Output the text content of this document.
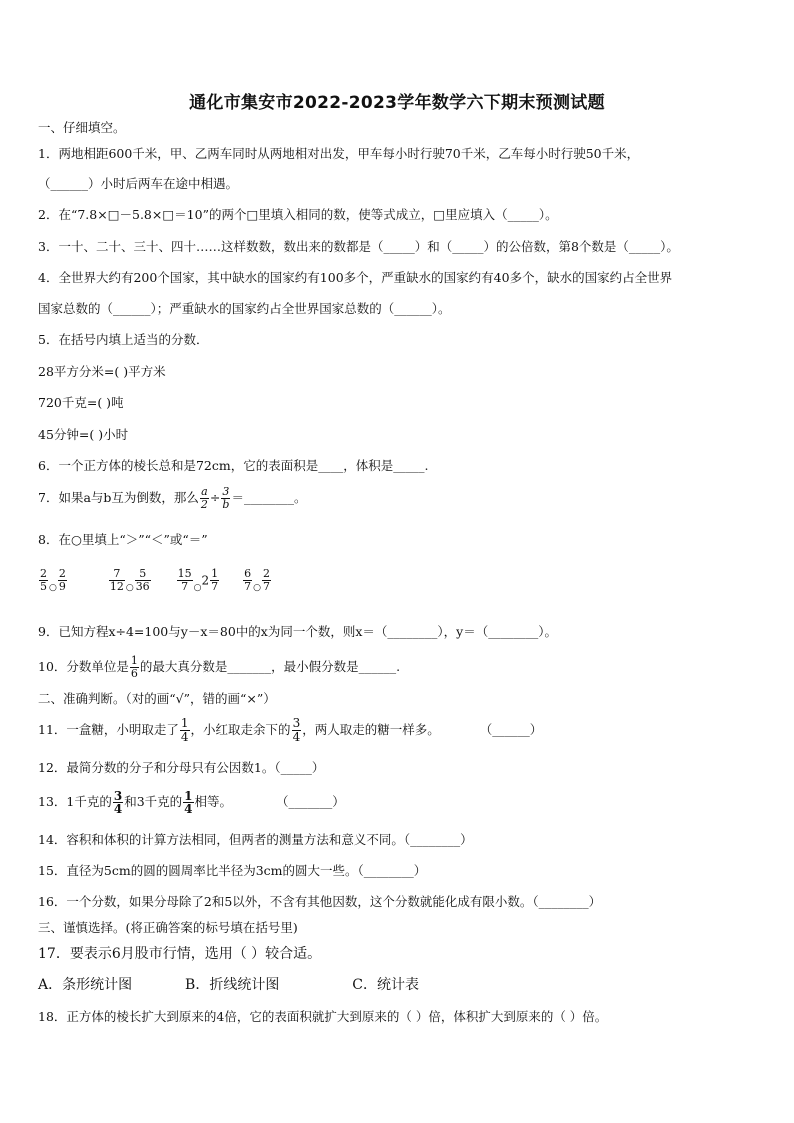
通化市集安市2022-2023学年数学六下期末预测试题
一、仔细填空。
1．两地相距600千米，甲、乙两车同时从两地相对出发，甲车每小时行驶70千米，乙车每小时行驶50千米，
（______）小时后两车在途中相遇。
2．在“7.8×□－5.8×□＝10”的两个□里填入相同的数，使等式成立，□里应填入（_____）。
3．一十、二十、三十、四十……这样数数，数出来的数都是（_____）和（_____）的公倍数，第8个数是（_____）。
4．全世界大约有200个国家，其中缺水的国家约有100多个，严重缺水的国家约有40多个，缺水的国家约占全世界
国家总数的（______）；严重缺水的国家约占全世界国家总数的（______）。
5．在括号内填上适当的分数．
28平方分米=( )平方米
720千克=( )吨
45分钟=( )小时
6．一个正方体的棱长总和是72cm，它的表面积是____，体积是_____.
7．如果a与b互为倒数，那么 $\frac{a}{2} \div \frac{3}{b}$ ＝________。
8．在○里填上“＞”“＜”或“＝”
$\frac{2}{5}$ ○ $\frac{2}{9}$
	$\frac{7}{12}$ ○ $\frac{5}{36}$
$\frac{15}{7}$ ○2 $\frac{1}{7}$
$\frac{6}{7}$ ○ $\frac{2}{7}$
9．已知方程x÷4=100与y－x＝80中的x为同一个数，则x＝（________），y＝（________）。
10．分数单位是 $\frac{1}{6}$ 的最大真分数是_______，最小假分数是______.
二、准确判断。（对的画“√”，错的画“×”）
11．一盒糖，小明取走了 $\frac{1}{4}$ ，小红取走余下的 $\frac{3}{4}$ ，两人取走的糖一样多。	（______）
12．最简分数的分子和分母只有公因数1。（_____）
13．1千克的 $\frac{3}{4}$ 和3千克的 $\frac{1}{4}$ 相等。	（_______）
14．容积和体积的计算方法相同，但两者的测量方法和意义不同。（________）
15．直径为5cm的圆的圆周率比半径为3cm的圆大一些。（________）
16．一个分数，如果分母除了2和5以外，不含有其他因数，这个分数就能化成有限小数。（________）
三、谨慎选择。(将正确答案的标号填在括号里)
17．要表示6月股市行情，选用（ ）较合适。
A．条形统计图	B．折线统计图	C．统计表
18．正方体的棱长扩大到原来的4倍，它的表面积就扩大到原来的（ ）倍，体积扩大到原来的（ ）倍。
